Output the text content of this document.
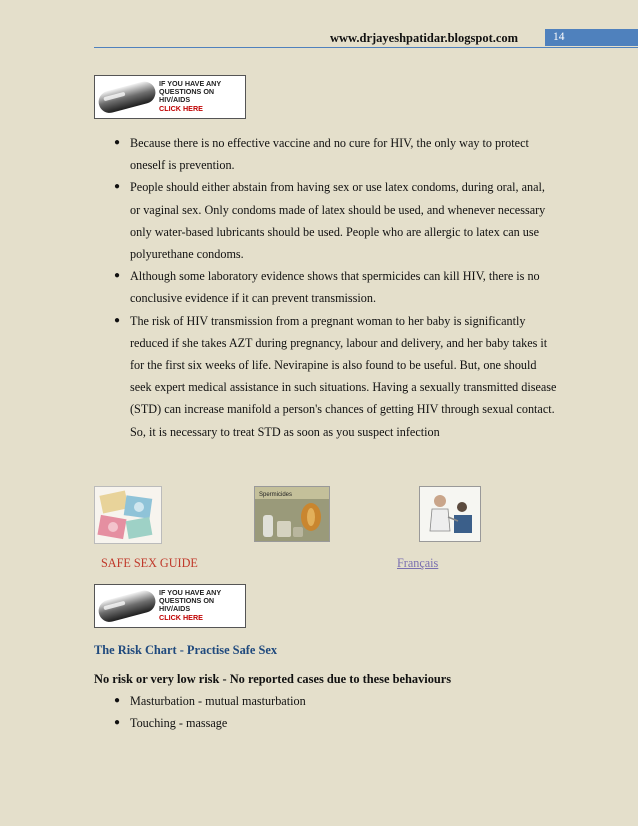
www.drjayeshpatidar.blogspot.com	14
IF YOU HAVE ANY
QUESTIONS ON
HIV/AIDS
CLICK HERE
● Because there is no effective vaccine and no cure for HIV, the only way to protect oneself is prevention.
● People should either abstain from having sex or use latex condoms, during oral, anal, or vaginal sex. Only condoms made of latex should be used, and whenever necessary only water-based lubricants should be used. People who are allergic to latex can use polyurethane condoms.
● Although some laboratory evidence shows that spermicides can kill HIV, there is no conclusive evidence if it can prevent transmission.
● The risk of HIV transmission from a pregnant woman to her baby is significantly reduced if she takes AZT during pregnancy, labour and delivery, and her baby takes it for the first six weeks of life. Nevirapine is also found to be useful. But, one should seek expert medical assistance in such situations. Having a sexually transmitted disease (STD) can increase manifold a person's chances of getting HIV through sexual contact. So, it is necessary to treat STD as soon as you suspect infection
Spermicides
SAFE SEX GUIDE	Français
IF YOU HAVE ANY
QUESTIONS ON
HIV/AIDS
CLICK HERE
The Risk Chart - Practise Safe Sex
No risk or very low risk - No reported cases due to these behaviours
● Masturbation - mutual masturbation
● Touching - massage
